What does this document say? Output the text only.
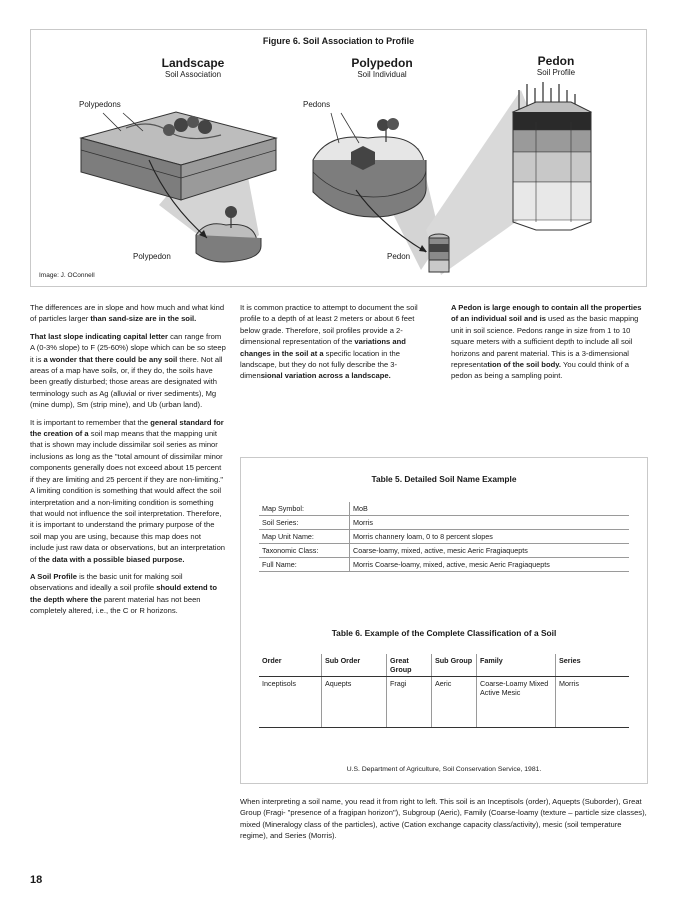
Figure 6. Soil Association to Profile
Landscape
Soil Association
Polypedon
Soil Individual
Pedon
Soil Profile
Polypedons	Pedons
Polypedon	Pedon
Image: J. OConnell

The differences are in slope and how much and what kind of particles larger than sand-size are in the soil.

That last slope indicating capital letter can range from A (0-3% slope) to F (25-60%) slope which can be so steep it is a wonder that there could be any soil there. Not all areas of a map have soils, or, if they do, the soils have been greatly disturbed; those areas are designated with terminology such as Ag (alluvial or river sediments), Mg (mine dump), Sm (strip mine), and Ub (urban land).

It is important to remember that the general standard for the creation of a soil map means that the mapping unit that is shown may include dissimilar soil series as minor inclusions as long as the "total amount of dissimilar minor components generally does not exceed about 15 percent if they are limiting and 25 percent if they are non-limiting." A limiting condition is something that would affect the soil interpretation and a non-limiting condition is something that would not influence the soil interpretation. Therefore, it is important to understand the primary purpose of the soil map you are using, because this map does not include just raw data or observations, but an interpretation of the data with a possible biased purpose.

A Soil Profile is the basic unit for making soil observations and ideally a soil profile should extend to the depth where the parent material has not been completely altered, i.e., the C or R horizons.

It is common practice to attempt to document the soil profile to a depth of at least 2 meters or about 6 feet below grade. Therefore, soil profiles provide a 2-dimensional representation of the variations and changes in the soil at a specific location in the landscape, but they do not fully describe the 3-dimensional variation across a landscape.

A Pedon is large enough to contain all the properties of an individual soil and is used as the basic mapping unit in soil science. Pedons range in size from 1 to 10 square meters with a sufficient depth to include all soil horizons and parent material. This is a 3-dimensional representation of the soil body. You could think of a pedon as being a sampling point.

Table 5. Detailed Soil Name Example
Map Symbol:	MoB
Soil Series:	Morris
Map Unit Name:	Morris channery loam, 0 to 8 percent slopes
Taxonomic Class:	Coarse-loamy, mixed, active, mesic Aeric Fragiaquepts
Full Name:	Morris Coarse-loamy, mixed, active, mesic Aeric Fragiaquepts
Table 6. Example of the Complete Classification of a Soil
Order	Sub Order	Great Group	Sub Group	Family	Series
Inceptisols	Aquepts	Fragi	Aeric	Coarse-Loamy Mixed Active Mesic	Morris
U.S. Department of Agriculture, Soil Conservation Service, 1981.

When interpreting a soil name, you read it from right to left. This soil is an Inceptisols (order), Aquepts (Suborder), Great Group (Fragi- "presence of a fragipan horizon"), Subgroup (Aeric), Family (Coarse-loamy (texture – particle size classes), mixed (Mineralogy class of the particles), active (Cation exchange capacity class/activity), mesic (soil temperature regime), and Series (Morris).

18
